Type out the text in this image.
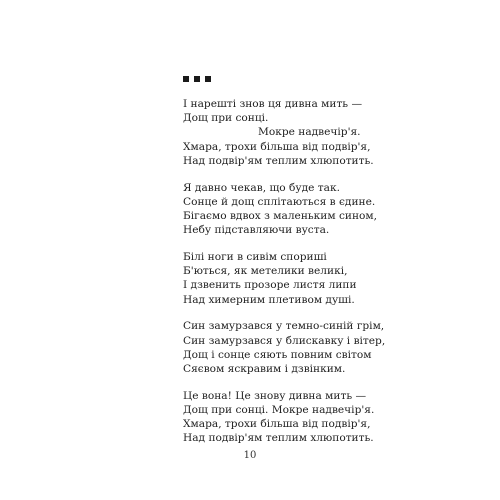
І нарешті знов ця дивна мить —
Дощ при сонці.
Мокре надвечір'я.
Хмара, трохи більша від подвір'я,
Над подвір'ям теплим хлюпотить.
Я давно чекав, що буде так.
Сонце й дощ сплітаються в єдине.
Бігаємо вдвох з маленьким сином,
Небу підставляючи вуста.
Білі ноги в сивім спориші
Б'ються, як метелики великі,
І дзвенить прозоре листя липи
Над химерним плетивом душі.
Син замурзався у темно-синій грім,
Син замурзався у блискавку і вітер,
Дощ і сонце сяють повним світом
Сяєвом яскравим і дзвінким.
Це вона! Це знову дивна мить —
Дощ при сонці. Мокре надвечір'я.
Хмара, трохи більша від подвір'я,
Над подвір'ям теплим хлюпотить.
10
